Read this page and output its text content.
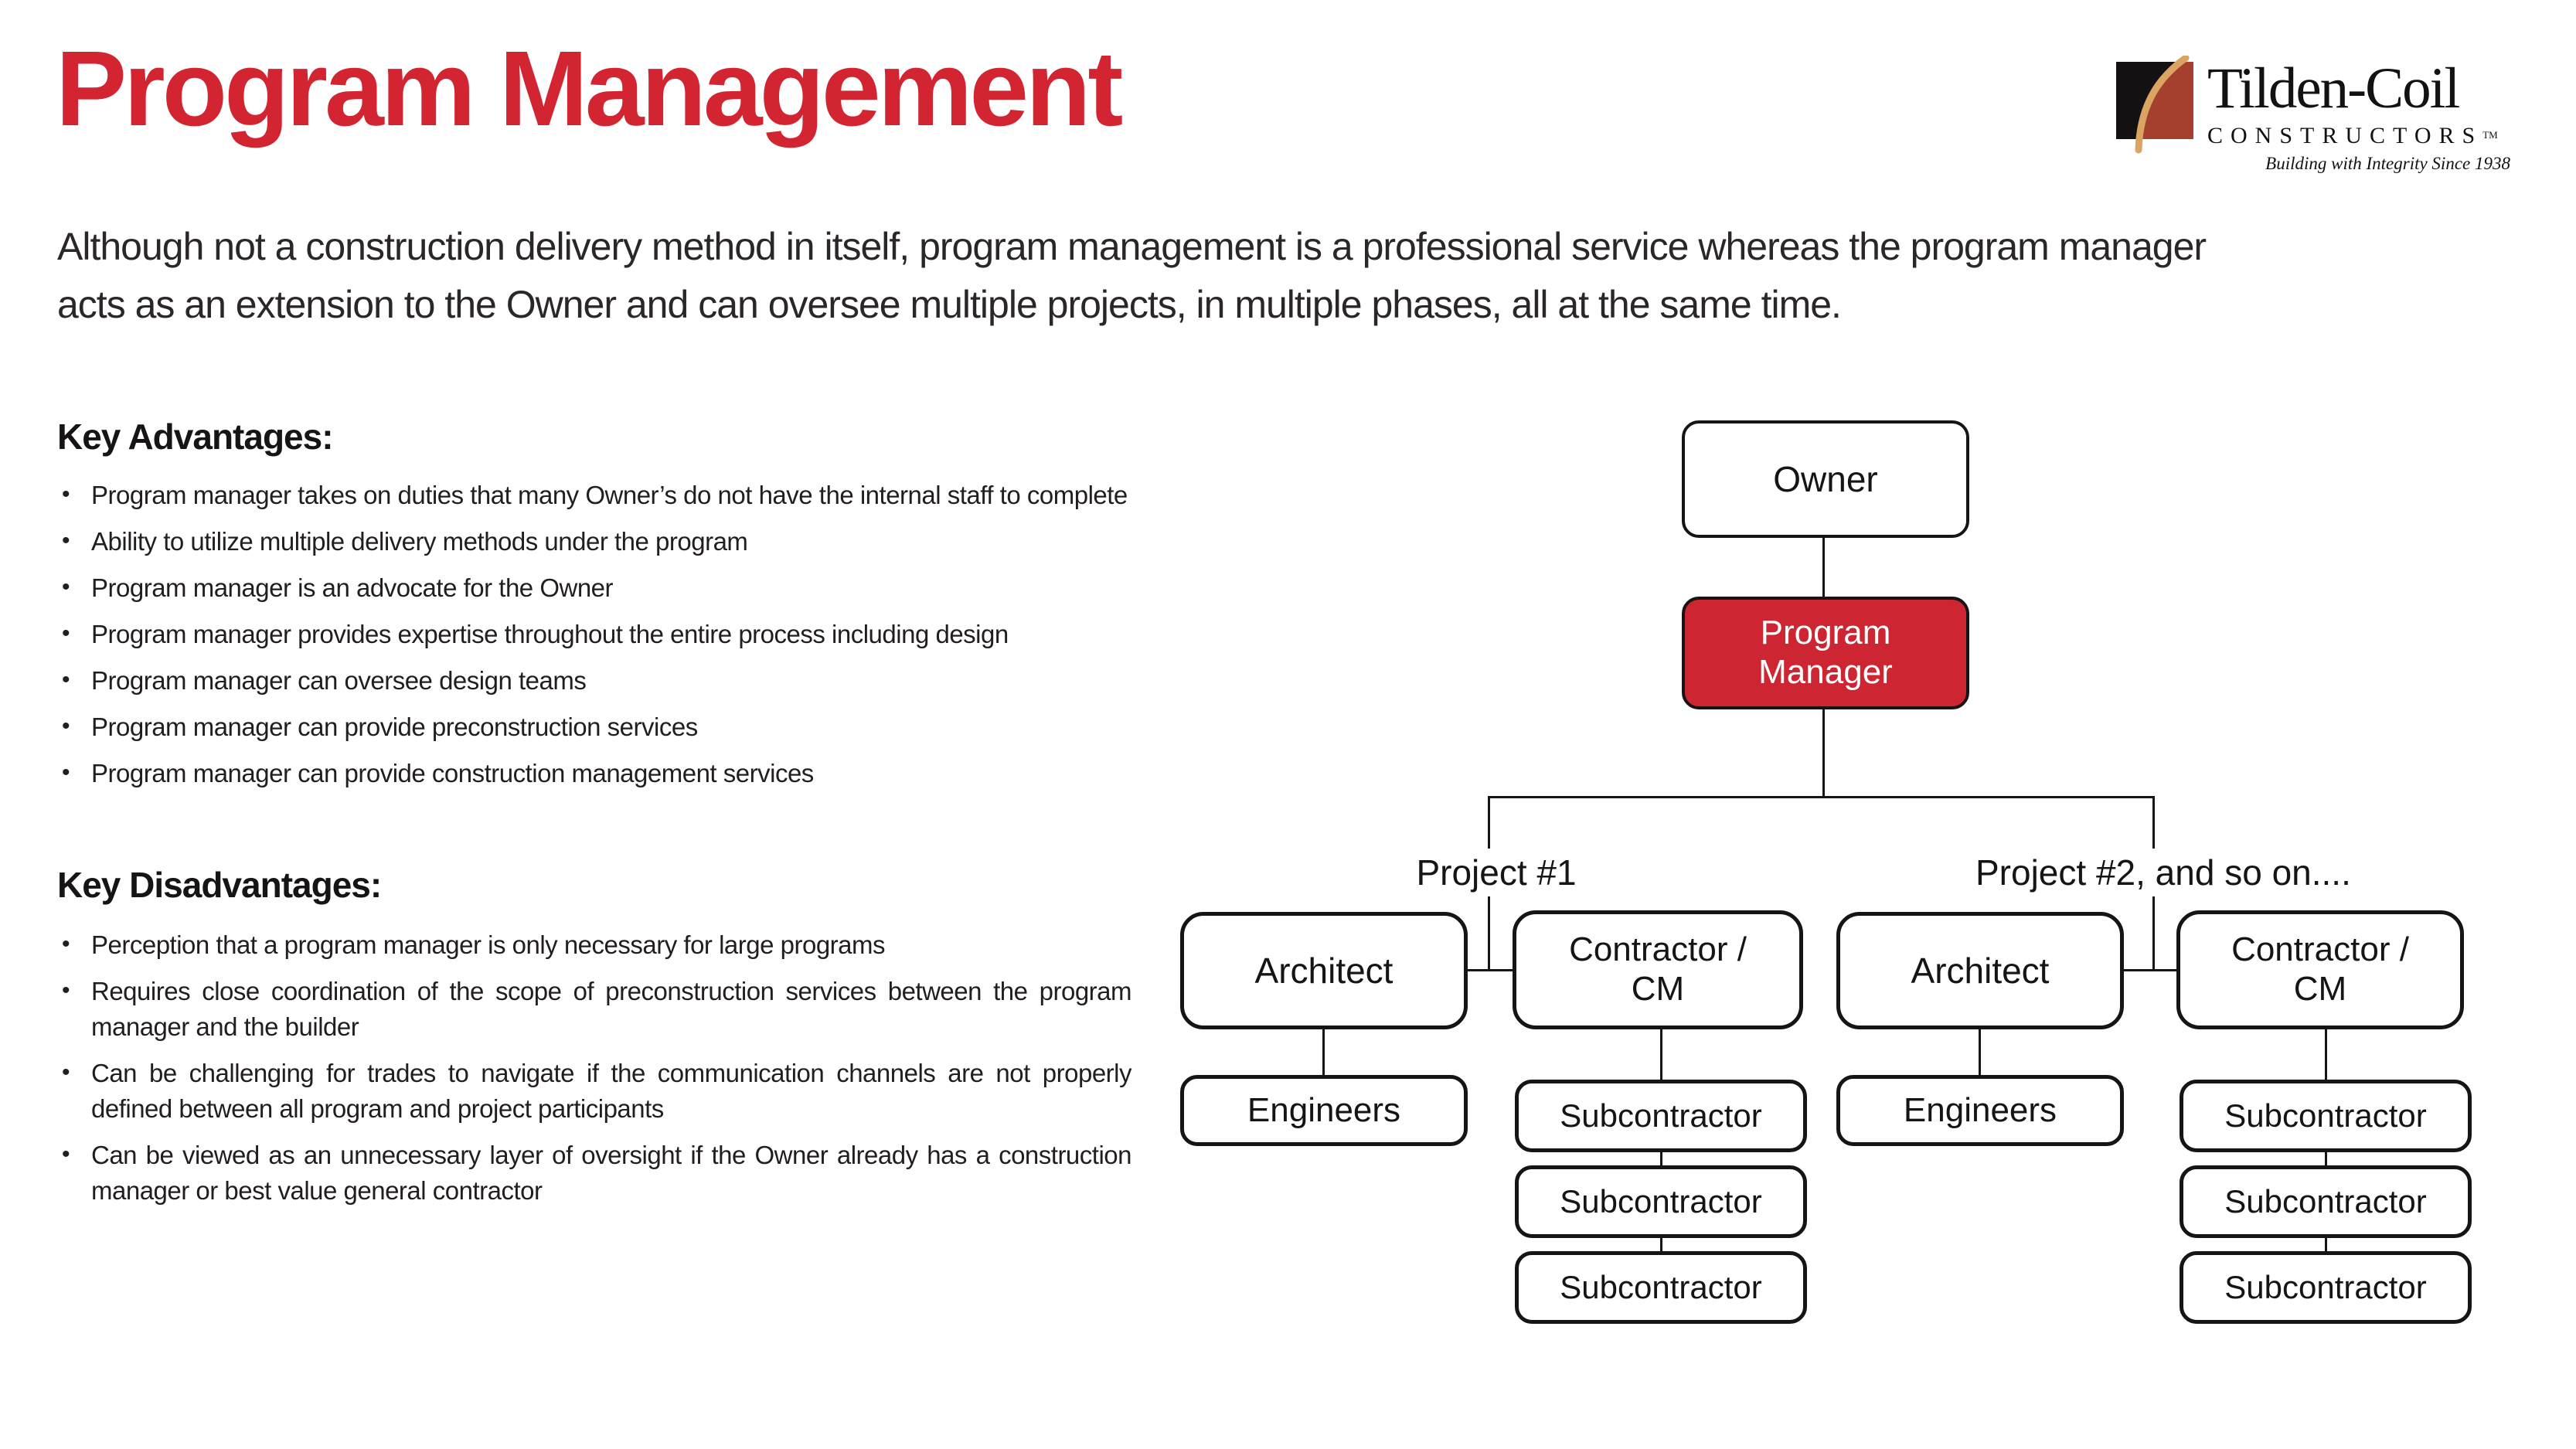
Program Management	Tilden-Coil
CONSTRUCTORS™
Building with Integrity Since 1938
Although not a construction delivery method in itself, program management is a professional service whereas the program manager acts as an extension to the Owner and can oversee multiple projects, in multiple phases, all at the same time.
Key Advantages:
• Program manager takes on duties that many Owner’s do not have the internal staff to complete
• Ability to utilize multiple delivery methods under the program
• Program manager is an advocate for the Owner
• Program manager provides expertise throughout the entire process including design
• Program manager can oversee design teams
• Program manager can provide preconstruction services
• Program manager can provide construction management services
Key Disadvantages:
• Perception that a program manager is only necessary for large programs
• Requires close coordination of the scope of preconstruction services between the program manager and the builder
• Can be challenging for trades to navigate if the communication channels are not properly defined between all program and project participants
• Can be viewed as an unnecessary layer of oversight if the Owner already has a construction manager or best value general contractor
Project #1	Project #2, and so on....
Owner
Program Manager
Architect
Contractor / CM
Engineers	Subcontractor
Subcontractor
Subcontractor
Architect
Contractor / CM
Engineers	Subcontractor
Subcontractor
Subcontractor
